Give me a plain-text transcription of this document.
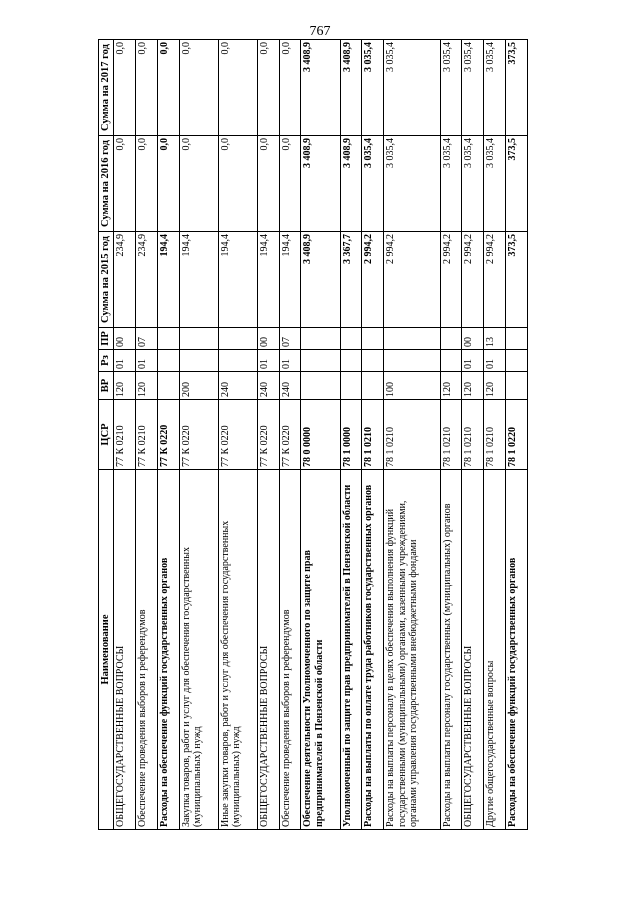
767
Наименование	ЦСР	ВР	Рз	ПР	Сумма на 2015 год	Сумма на 2016 год	Сумма на 2017 год
ОБЩЕГОСУДАРСТВЕННЫЕ ВОПРОСЫ	77 К 0210	120	01	00	234,9	0,0	0,0
Обеспечение проведения выборов и референдумов	77 К 0210	120	01	07	234,9	0,0	0,0
Расходы на обеспечение функций государственных органов	77 К 0220				194,4	0,0	0,0
Закупка товаров, работ и услуг для обеспечения государственных (муниципальных) нужд	77 К 0220	200			194,4	0,0	0,0
Иные закупки товаров, работ и услуг для обеспечения государственных (муниципальных) нужд	77 К 0220	240			194,4	0,0	0,0
ОБЩЕГОСУДАРСТВЕННЫЕ ВОПРОСЫ	77 К 0220	240	01	00	194,4	0,0	0,0
Обеспечение проведения выборов и референдумов	77 К 0220	240	01	07	194,4	0,0	0,0
Обеспечение деятельности Уполномоченного по защите прав предпринимателей в Пензенской области	78 0 0000				3 408,9	3 408,9	3 408,9
Уполномоченный по защите прав предпринимателей в Пензенской области	78 1 0000				3 367,7	3 408,9	3 408,9
Расходы на выплаты по оплате труда работников государственных органов	78 1 0210				2 994,2	3 035,4	3 035,4
Расходы на выплаты персоналу в целях обеспечения выполнения функций государственными (муниципальными) органами, казенными учреждениями, органами управления государственными внебюджетными фондами	78 1 0210	100			2 994,2	3 035,4	3 035,4
Расходы на выплаты персоналу государственных (муниципальных) органов	78 1 0210	120			2 994,2	3 035,4	3 035,4
ОБЩЕГОСУДАРСТВЕННЫЕ ВОПРОСЫ	78 1 0210	120	01	00	2 994,2	3 035,4	3 035,4
Другие общегосударственные вопросы	78 1 0210	120	01	13	2 994,2	3 035,4	3 035,4
Расходы на обеспечение функций государственных органов	78 1 0220				373,5	373,5	373,5
